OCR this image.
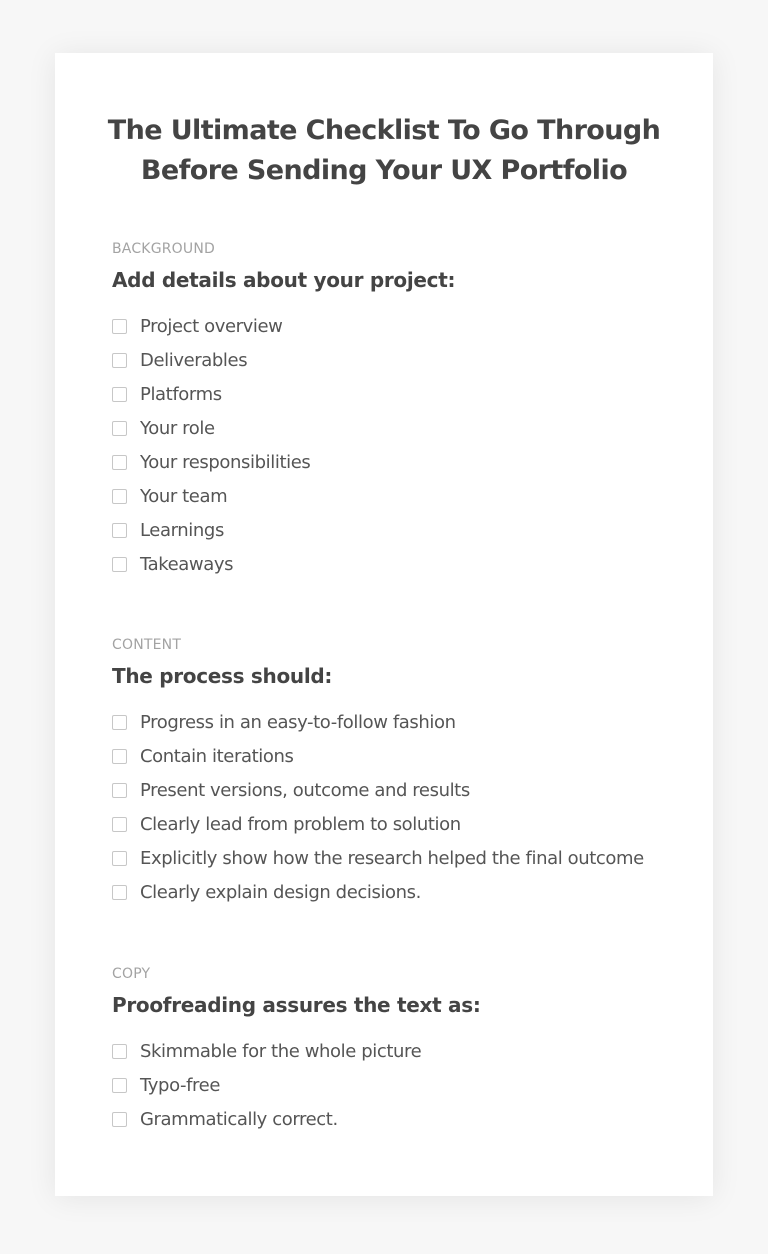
The Ultimate Checklist To Go Through
Before Sending Your UX Portfolio
BACKGROUND
Add details about your project:
Project overview
Deliverables
Platforms
Your role
Your responsibilities
Your team
Learnings
Takeaways
CONTENT
The process should:
Progress in an easy-to-follow fashion
Contain iterations
Present versions, outcome and results
Clearly lead from problem to solution
Explicitly show how the research helped the final outcome
Clearly explain design decisions.
COPY
Proofreading assures the text as:
Skimmable for the whole picture
Typo-free
Grammatically correct.
